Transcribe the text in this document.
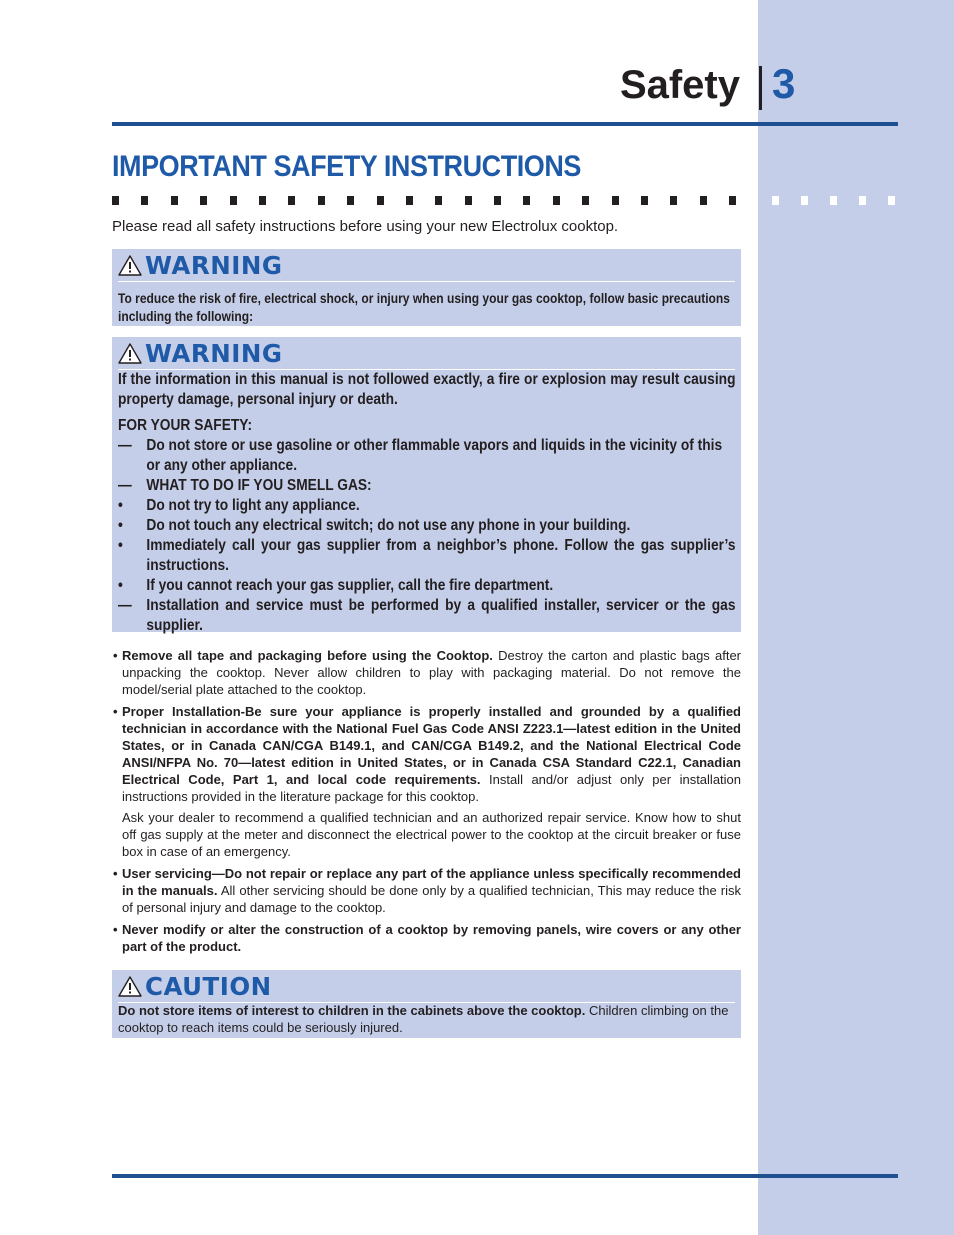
Safety 3
IMPORTANT SAFETY INSTRUCTIONS
Please read all safety instructions before using your new Electrolux cooktop.
WARNING
To reduce the risk of fire, electrical shock, or injury when using your gas cooktop, follow basic precautions including the following:
WARNING

If the information in this manual is not followed exactly, a fire or explosion may result causing property damage, personal injury or death.

FOR YOUR SAFETY:

— Do not store or use gasoline or other flammable vapors and liquids in the vicinity of this or any other appliance.
— WHAT TO DO IF YOU SMELL GAS:
• Do not try to light any appliance.
• Do not touch any electrical switch; do not use any phone in your building.
• Immediately call your gas supplier from a neighbor’s phone. Follow the gas supplier’s instructions.
• If you cannot reach your gas supplier, call the fire department.
— Installation and service must be performed by a qualified installer, servicer or the gas supplier.
• Remove all tape and packaging before using the Cooktop. Destroy the carton and plastic bags after unpacking the cooktop. Never allow children to play with packaging material. Do not remove the model/serial plate attached to the cooktop.

• Proper Installation-Be sure your appliance is properly installed and grounded by a qualified technician in accordance with the National Fuel Gas Code ANSI Z223.1—latest edition in the United States, or in Canada CAN/CGA B149.1, and CAN/CGA B149.2, and the National Electrical Code ANSI/NFPA No. 70—latest edition in United States, or in Canada CSA Standard C22.1, Canadian Electrical Code, Part 1, and local code requirements. Install and/or adjust only per installation instructions provided in the literature package for this cooktop.

Ask your dealer to recommend a qualified technician and an authorized repair service. Know how to shut off gas supply at the meter and disconnect the electrical power to the cooktop at the circuit breaker or fuse box in case of an emergency.

• User servicing—Do not repair or replace any part of the appliance unless specifically recommended in the manuals. All other servicing should be done only by a qualified technician, This may reduce the risk of personal injury and damage to the cooktop.

• Never modify or alter the construction of a cooktop by removing panels, wire covers or any other part of the product.

CAUTION
Do not store items of interest to children in the cabinets above the cooktop. Children climbing on the cooktop to reach items could be seriously injured.
